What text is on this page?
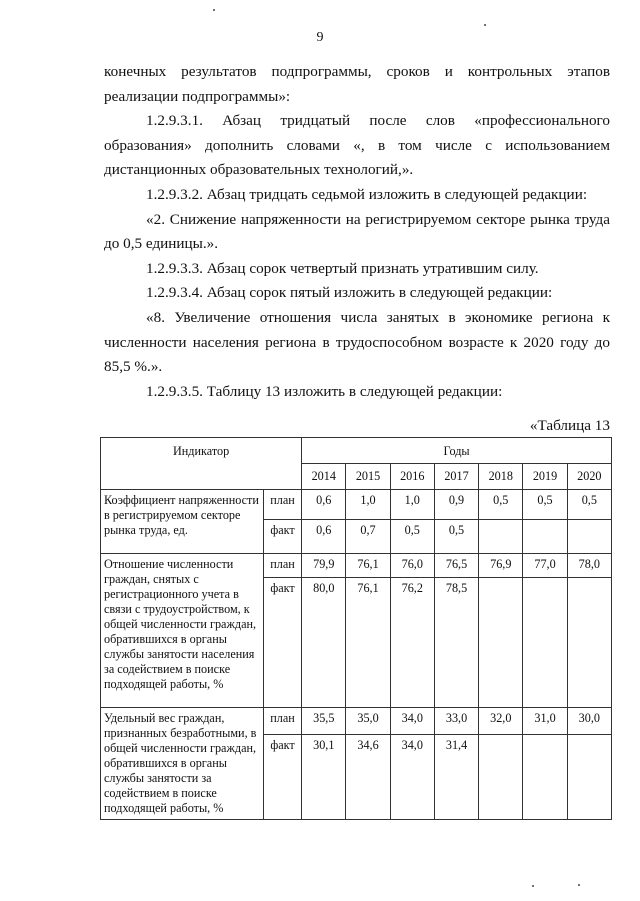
9

конечных результатов подпрограммы, сроков и контрольных этапов реализации подпрограммы»:

1.2.9.3.1. Абзац тридцатый после слов «профессионального образования» дополнить словами «, в том числе с использованием дистанционных образовательных технологий,».

1.2.9.3.2. Абзац тридцать седьмой изложить в следующей редакции:

«2. Снижение напряженности на регистрируемом секторе рынка труда до 0,5 единицы.».

1.2.9.3.3. Абзац сорок четвертый признать утратившим силу.

1.2.9.3.4. Абзац сорок пятый изложить в следующей редакции:

«8. Увеличение отношения числа занятых в экономике региона к численности населения региона в трудоспособном возрасте к 2020 году до 85,5 %.».

1.2.9.3.5. Таблицу 13 изложить в следующей редакции:

«Таблица 13

Индикатор		Годы						
		2014	2015	2016	2017	2018	2019	2020
Коэффициент напряженности в регистрируемом секторе рынка труда, ед.	план	0,6	1,0	1,0	0,9	0,5	0,5	0,5
	факт	0,6	0,7	0,5	0,5			
Отношение численности граждан, снятых с регистрационного учета в связи с трудоустройством, к общей численности граждан, обратившихся в органы службы занятости населения за содействием в поиске подходящей работы, %	план	79,9	76,1	76,0	76,5	76,9	77,0	78,0
	факт	80,0	76,1	76,2	78,5			
Удельный вес граждан, признанных безработными, в общей численности граждан, обратившихся в органы службы занятости за содействием в поиске подходящей работы, %	план	35,5	35,0	34,0	33,0	32,0	31,0	30,0
	факт	30,1	34,6	34,0	31,4			
